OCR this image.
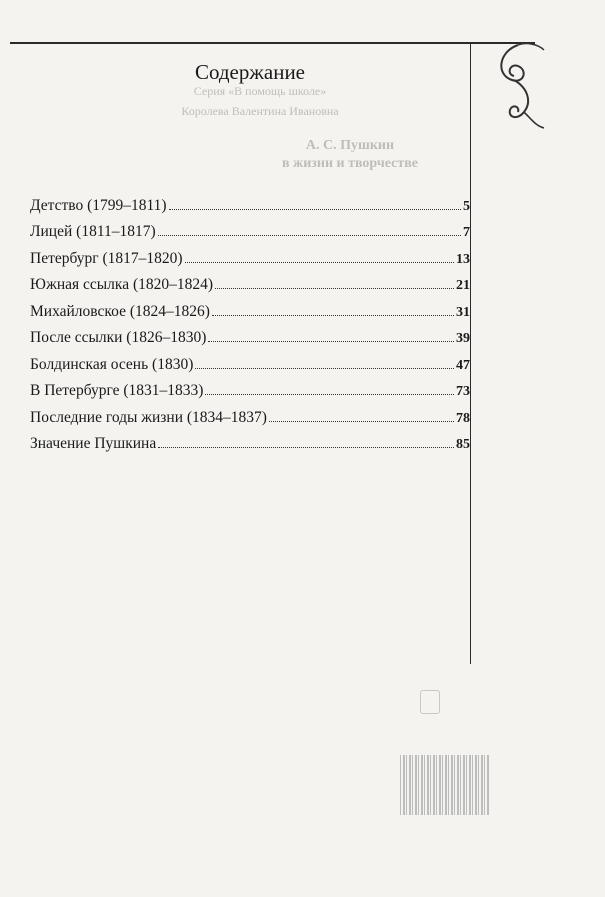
Серия «В помощь школе»
Королева Валентина Ивановна
А. С. Пушкин
в жизни и творчестве
Содержание
Детство (1799–1811)	5
Лицей (1811–1817)	7
Петербург (1817–1820)	13
Южная ссылка (1820–1824)	21
Михайловское (1824–1826)	31
После ссылки (1826–1830)	39
Болдинская осень (1830)	47
В Петербурге (1831–1833)	73
Последние годы жизни (1834–1837)	78
Значение Пушкина	85
